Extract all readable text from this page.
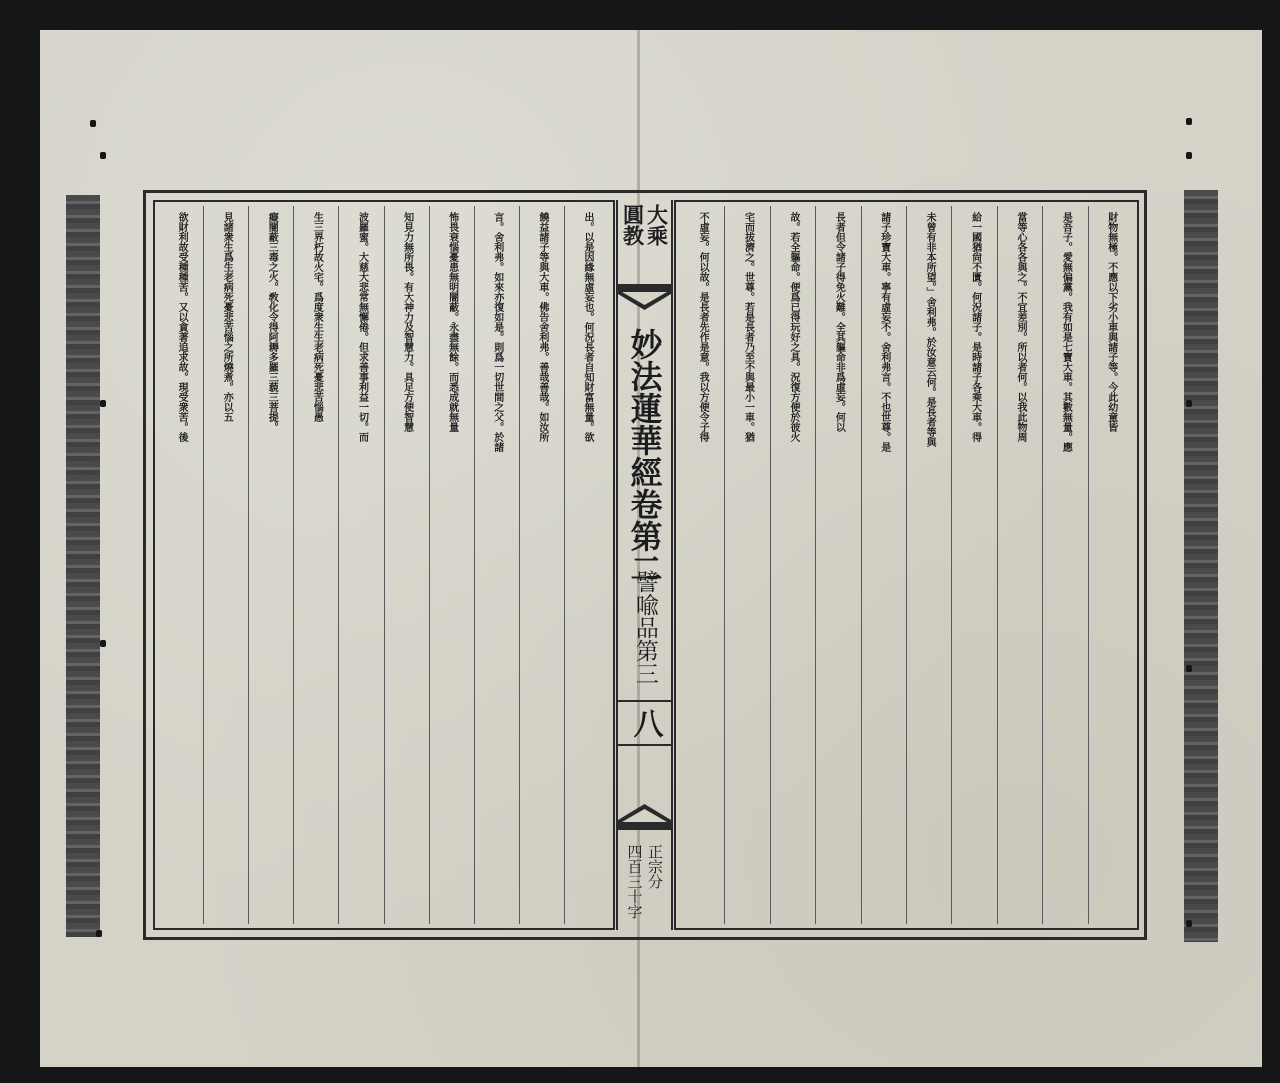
出。以是因緣無虛妄也。何況長者自知財富無量。欲
饒益諸子等與大車。佛告舍利弗。善哉善哉。如汝所
言。舍利弗。如來亦復如是。則爲一切世間之父。於諸
怖畏衰惱憂患無明闇蔽。永盡無餘。而悉成就無量
知見力無所畏。有大神力及智慧力。具足方便智慧
波羅蜜。大慈大悲常無懈倦。但求善事利益一切。而
生三界朽故火宅。爲度衆生生老病死憂悲苦惱愚
癡闇蔽三毒之火。敎化令得阿耨多羅三藐三菩提。
見諸衆生爲生老病死憂悲苦惱之所燒煮。亦以五
欲財利故受種種苦。又以貪著追求故。現受衆苦。後	大乘
圓教
妙法蓮華經卷第二
譬喩品第三
八
正宗分
四百三十字
財物無極。不應以下劣小車與諸子等。今此幼童皆
是吾子。愛無偏黨。我有如是七寶大車。其數無量。應
當等心各各與之。不宜差別。所以者何。以我此物周
給一國猶尙不匱。何況諸子。是時諸子各乘大車。得
未曾有非本所望。」舍利弗。於汝意云何。是長者等與
諸子珍寶大車。寧有虛妄不。舍利弗言。不也世尊。是
長者但令諸子得免火難。全其軀命非爲虛妄。何以
故。若全軀命。便爲已得玩好之具。況復方便於彼火
宅而拔濟之。世尊。若是長者乃至不與最小一車。猶
不虛妄。何以故。是長者先作是意。我以方便令子得
